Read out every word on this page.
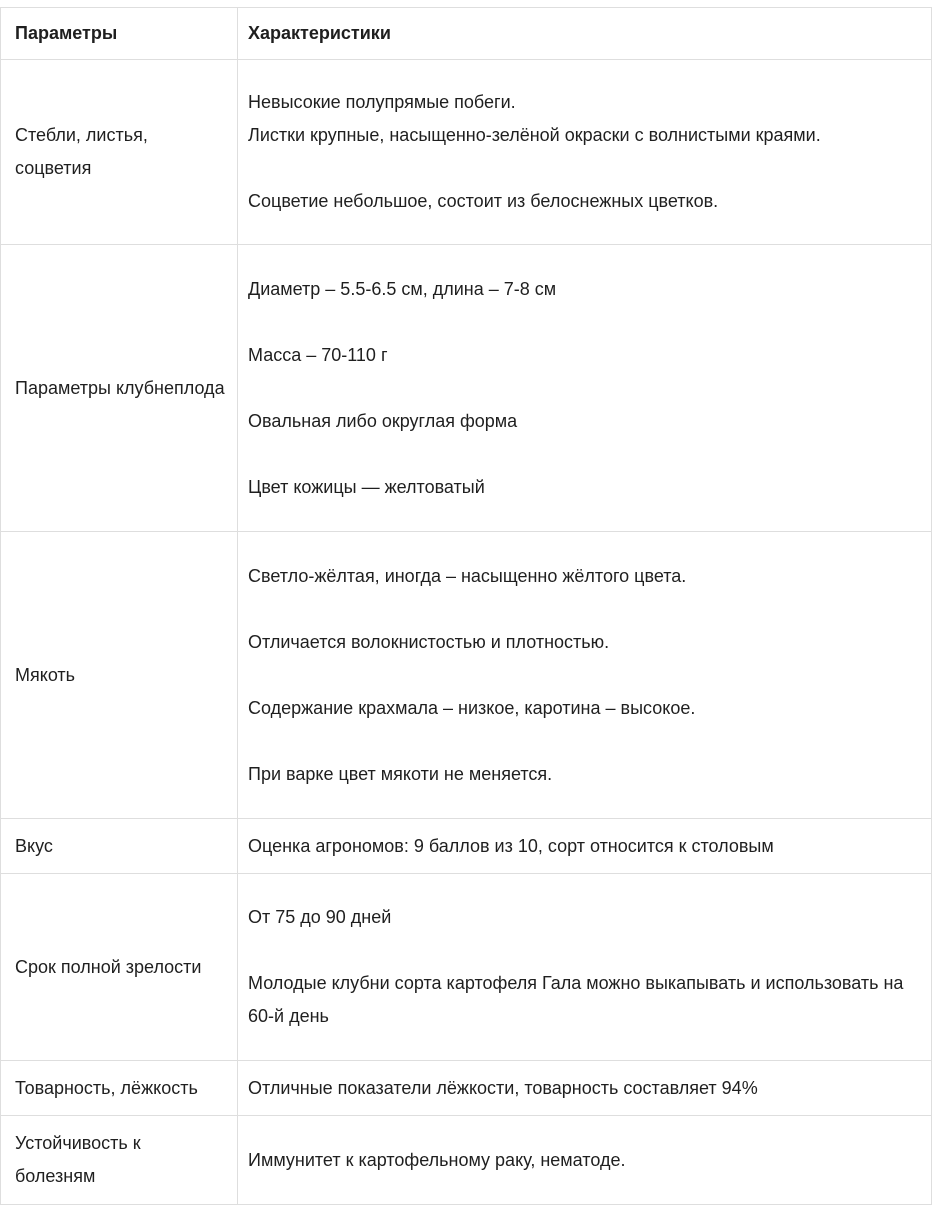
Параметры	Характеристики
Стебли, листья, соцветия	Невысокие полупрямые побеги.

Листки крупные, насыщенно-зелёной окраски с волнистыми краями.

Соцветие небольшое, состоит из белоснежных цветков.

Параметры клубнеплода	Диаметр – 5.5-6.5 см, длина – 7-8 см

Масса – 70-110 г

Овальная либо округлая форма

Цвет кожицы — желтоватый

Мякоть	Светло-жёлтая, иногда – насыщенно жёлтого цвета.

Отличается волокнистостью и плотностью.

Содержание крахмала – низкое, каротина – высокое.

При варке цвет мякоти не меняется.

Вкус	Оценка агрономов: 9 баллов из 10, сорт относится к столовым

Срок полной зрелости	От 75 до 90 дней

Молодые клубни сорта картофеля Гала можно выкапывать и использовать на 60-й день

Товарность, лёжкость	Отличные показатели лёжкости, товарность составляет 94%

Устойчивость к болезням	Иммунитет к картофельному раку, нематоде.
